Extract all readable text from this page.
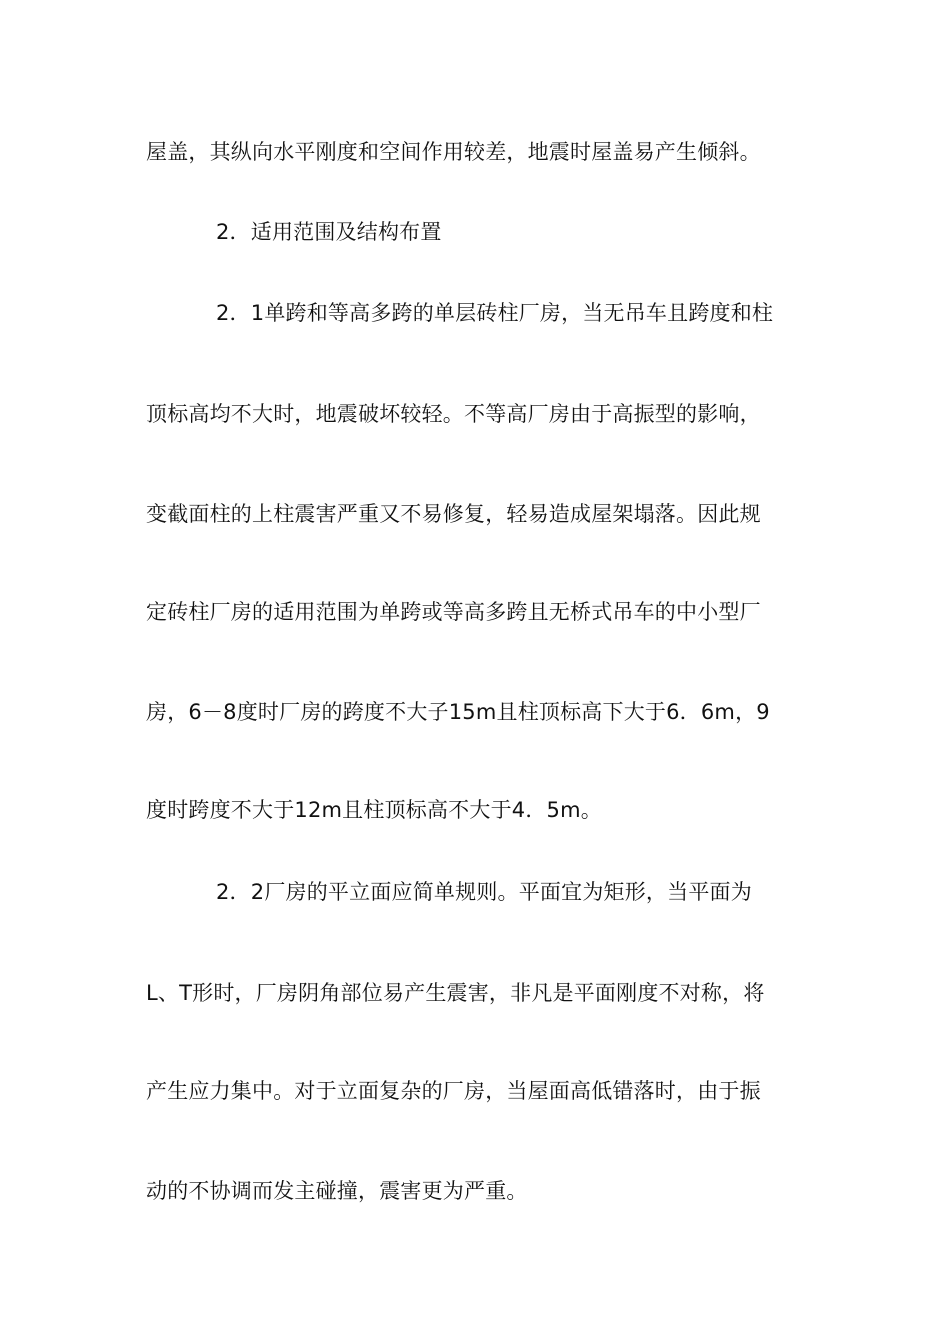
屋盖，其纵向水平刚度和空间作用较差，地震时屋盖易产生倾斜。
2．适用范围及结构布置
2．1单跨和等高多跨的单层砖柱厂房，当无吊车且跨度和柱
顶标高均不大时，地震破坏较轻。不等高厂房由于高振型的影响，
变截面柱的上柱震害严重又不易修复，轻易造成屋架塌落。因此规
定砖柱厂房的适用范围为单跨或等高多跨且无桥式吊车的中小型厂
房，6－8度时厂房的跨度不大子15m且柱顶标高下大于6．6m，9
度时跨度不大于12m且柱顶标高不大于4．5m。
2．2厂房的平立面应简单规则。平面宜为矩形，当平面为
L、T形时，厂房阴角部位易产生震害，非凡是平面刚度不对称，将
产生应力集中。对于立面复杂的厂房，当屋面高低错落时，由于振
动的不协调而发主碰撞，震害更为严重。
